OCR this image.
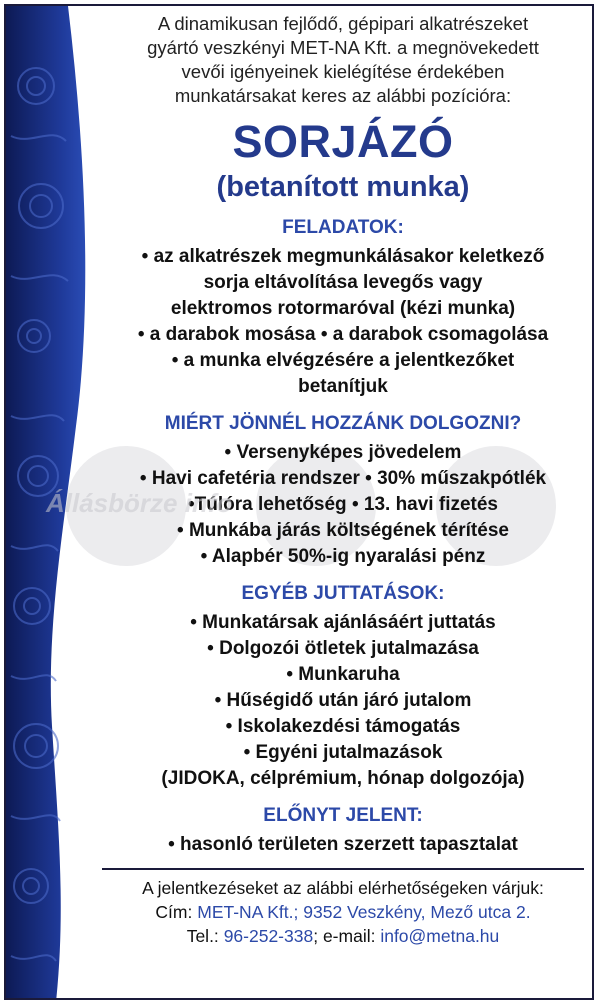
A dinamikusan fejlődő, gépipari alkatrészeket
gyártó veszkényi MET-NA Kft. a megnövekedett
vevői igényeinek kielégítése érdekében
munkatársakat keres az alábbi pozícióra:
SORJÁZÓ
(betanított munka)
FELADATOK:
• az alkatrészek megmunkálásakor keletkező
sorja eltávolítása levegős vagy
elektromos rotormaróval (kézi munka)
• a darabok mosása • a darabok csomagolása
• a munka elvégzésére a jelentkezőket
betanítjuk
MIÉRT JÖNNÉL HOZZÁNK DOLGOZNI?
• Versenyképes jövedelem
• Havi cafetéria rendszer • 30% műszakpótlék
•Túlóra lehetőség • 13. havi fizetés
• Munkába járás költségének térítése
• Alapbér 50%-ig nyaralási pénz
EGYÉB JUTTATÁSOK:
• Munkatársak ajánlásáért juttatás
• Dolgozói ötletek jutalmazása
• Munkaruha
• Hűségidő után járó jutalom
• Iskolakezdési támogatás
• Egyéni jutalmazások
(JIDOKA, célprémium, hónap dolgozója)
ELŐNYT JELENT:
• hasonló területen szerzett tapasztalat
A jelentkezéseket az alábbi elérhetőségeken várjuk:
Cím: MET-NA Kft.; 9352 Veszkény, Mező utca 2.
Tel.: 96-252-338; e-mail: info@metna.hu
Állásbörze info
